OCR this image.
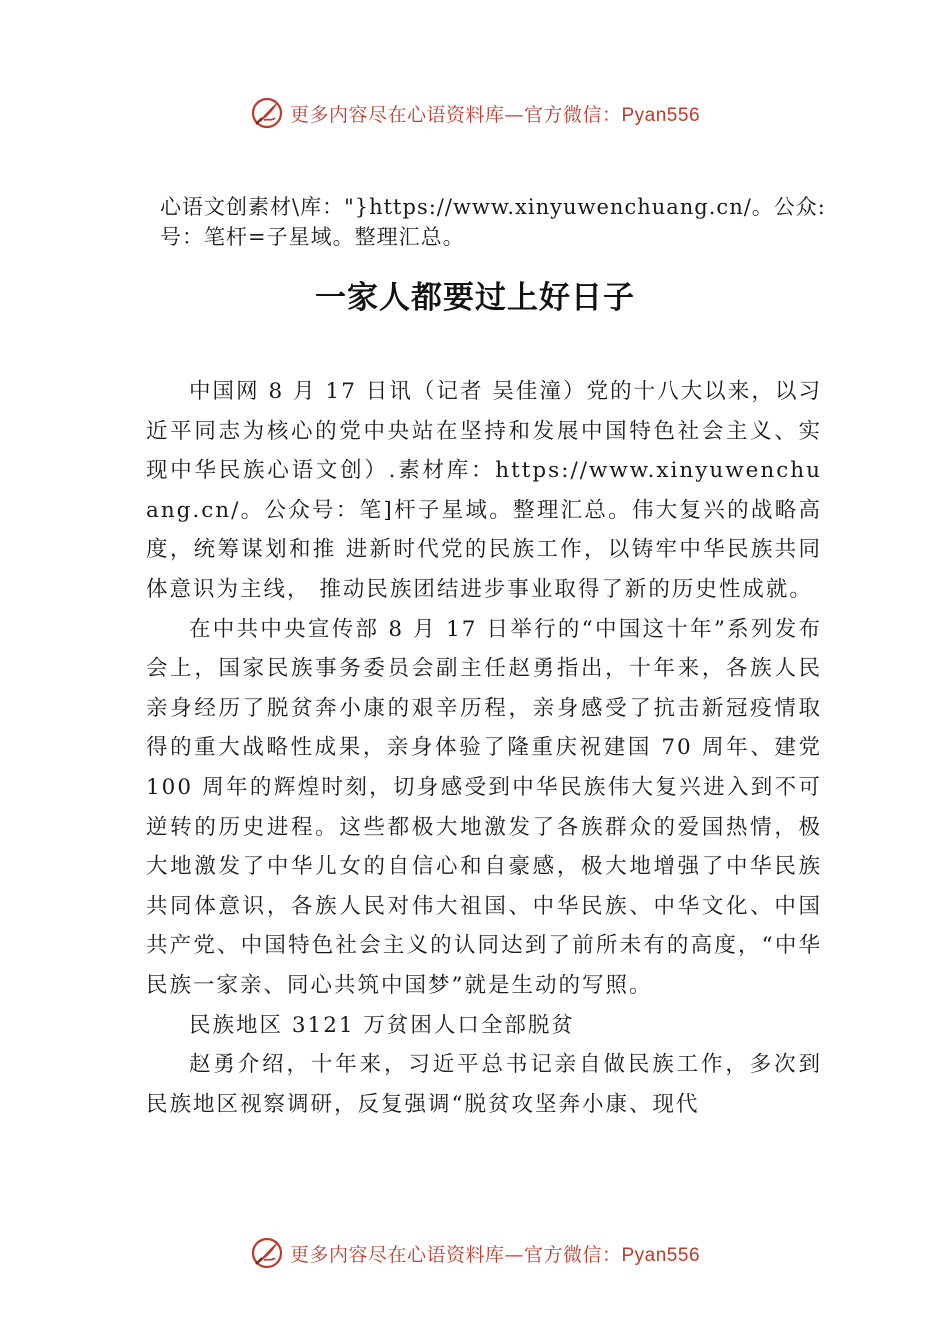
更多内容尽在心语资料库—官方微信：Pyan556
心语文创素材\库："}https://www.xinyuwenchuang.cn/。公众:号：笔杆=子星域。整理汇总。
一家人都要过上好日子

中国网 8 月 17 日讯（记者 吴佳潼）党的十八大以来，以习近平同志为核心的党中央站在坚持和发展中国特色社会主义、实现中华民族心语文创）.素材库：https://www.xinyuwenchuang.cn/。公众号：笔]杆子星域。整理汇总。伟大复兴的战略高度，统筹谋划和推 进新时代党的民族工作，以铸牢中华民族共同体意识为主线， 推动民族团结进步事业取得了新的历史性成就。

在中共中央宣传部 8 月 17 日举行的“中国这十年”系列发布会上，国家民族事务委员会副主任赵勇指出，十年来，各族人民亲身经历了脱贫奔小康的艰辛历程，亲身感受了抗击新冠疫情取得的重大战略性成果，亲身体验了隆重庆祝建国 70 周年、建党 100 周年的辉煌时刻，切身感受到中华民族伟大复兴进入到不可逆转的历史进程。这些都极大地激发了各族群众的爱国热情，极大地激发了中华儿女的自信心和自豪感，极大地增强了中华民族共同体意识，各族人民对伟大祖国、中华民族、中华文化、中国共产党、中国特色社会主义的认同达到了前所未有的高度，“中华民族一家亲、同心共筑中国梦”就是生动的写照。

民族地区 3121 万贫困人口全部脱贫

赵勇介绍，十年来，习近平总书记亲自做民族工作，多次到民族地区视察调研，反复强调“脱贫攻坚奔小康、现代

更多内容尽在心语资料库—官方微信：Pyan556
